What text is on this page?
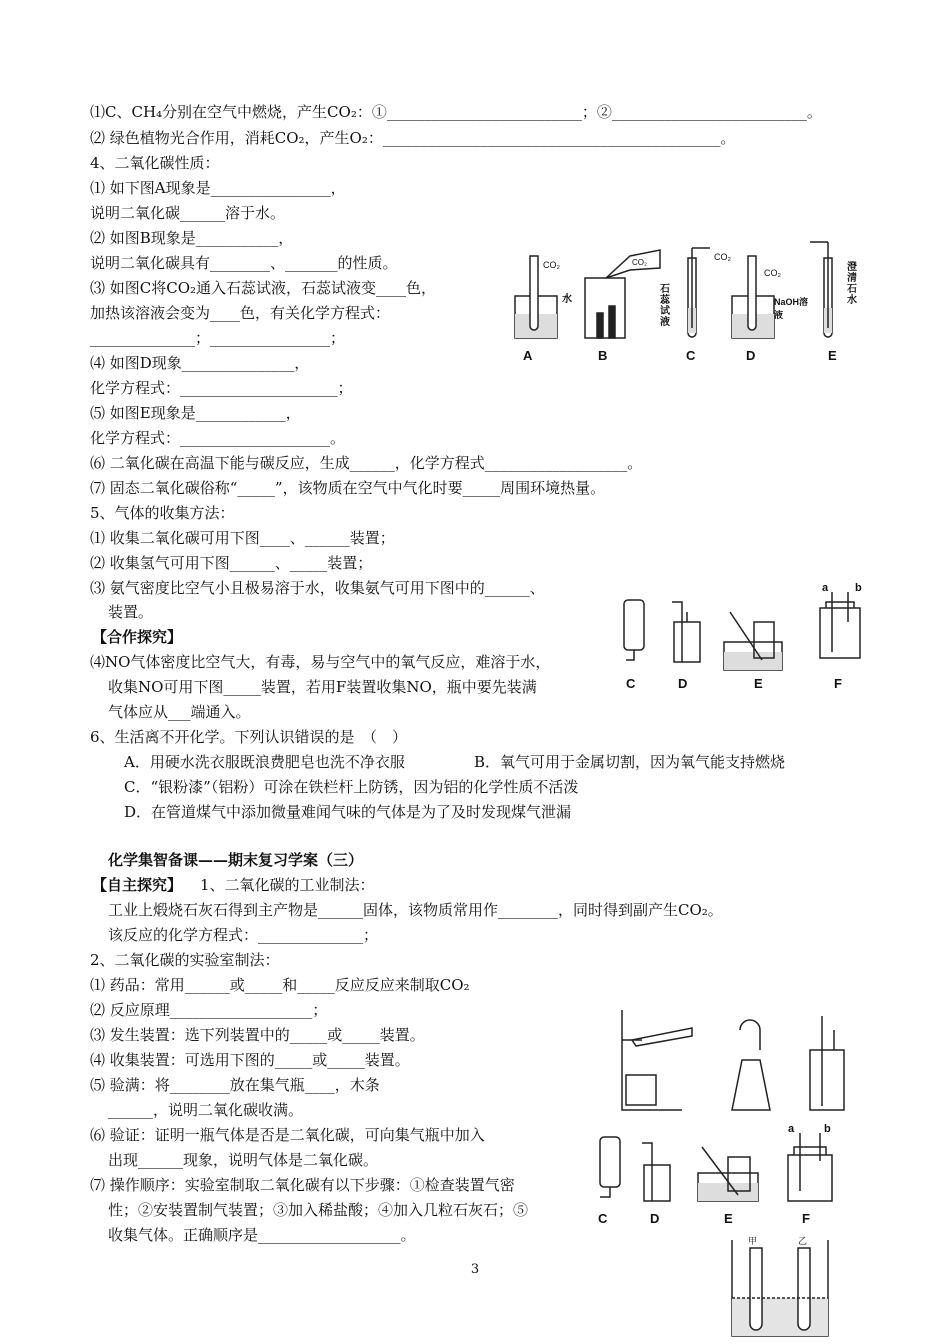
⑴C、CH₄分别在空气中燃烧，产生CO₂：①__________________________；②__________________________。
⑵ 绿色植物光合作用，消耗CO₂，产生O₂：_____________________________________________。
4、二氧化碳性质：
⑴ 如下图A现象是________________，
说明二氧化碳______溶于水。
⑵ 如图B现象是___________，
说明二氧化碳具有________、_______的性质。
⑶ 如图C将CO₂通入石蕊试液，石蕊试液变____色，
加热该溶液会变为____色，有关化学方程式：
______________；________________；
⑷ 如图D现象_______________，
化学方程式：_____________________；
⑸ 如图E现象是____________，
化学方程式：____________________。
⑹ 二氧化碳在高温下能与碳反应，生成______，化学方程式___________________。
⑺ 固态二氧化碳俗称“_____”，该物质在空气中气化时要_____周围环境热量。
5、气体的收集方法：
⑴ 收集二氧化碳可用下图____、______装置；
⑵ 收集氢气可用下图______、_____装置；
⑶ 氨气密度比空气小且极易溶于水，收集氨气可用下图中的______、
装置。
【合作探究】
⑷NO气体密度比空气大，有毒，易与空气中的氧气反应，难溶于水，
收集NO可用下图_____装置，若用F装置收集NO，瓶中要先装满
气体应从___端通入。
6、生活离不开化学。下列认识错误的是　（　）
A．用硬水洗衣服既浪费肥皂也洗不净衣服	B．氧气可用于金属切割，因为氧气能支持燃烧
C．“银粉漆”（铝粉）可涂在铁栏杆上防锈，因为铝的化学性质不活泼
D．在管道煤气中添加微量难闻气味的气体是为了及时发现煤气泄漏
化学集智备课——期末复习学案（三）
【自主探究】 1、二氧化碳的工业制法：
工业上煅烧石灰石得到主产物是______固体，该物质常用作________，同时得到副产生CO₂。
该反应的化学方程式：______________；
2、二氧化碳的实验室制法：
⑴ 药品：常用______或_____和_____反应反应来制取CO₂
⑵ 反应原理___________________；
⑶ 发生装置：选下列装置中的_____或_____装置。
⑷ 收集装置：可选用下图的_____或_____装置。
⑸ 验满：将________放在集气瓶____，木条
______，说明二氧化碳收满。
⑹ 验证：证明一瓶气体是否是二氧化碳，可向集气瓶中加入
出现______现象，说明气体是二氧化碳。
⑺ 操作顺序：实验室制取二氧化碳有以下步骤：①检查装置气密
性；②安装置制气装置；③加入稀盐酸；④加入几粒石灰石；⑤
收集气体。正确顺序是___________________。
A	B	C	D	E
CO₂
水
CO₂
石蕊试液
CO₂
NaOH溶液
CO₂	澄清石水
C	D	E	F
a b
C	D	E	F
a	b
甲	乙
3
